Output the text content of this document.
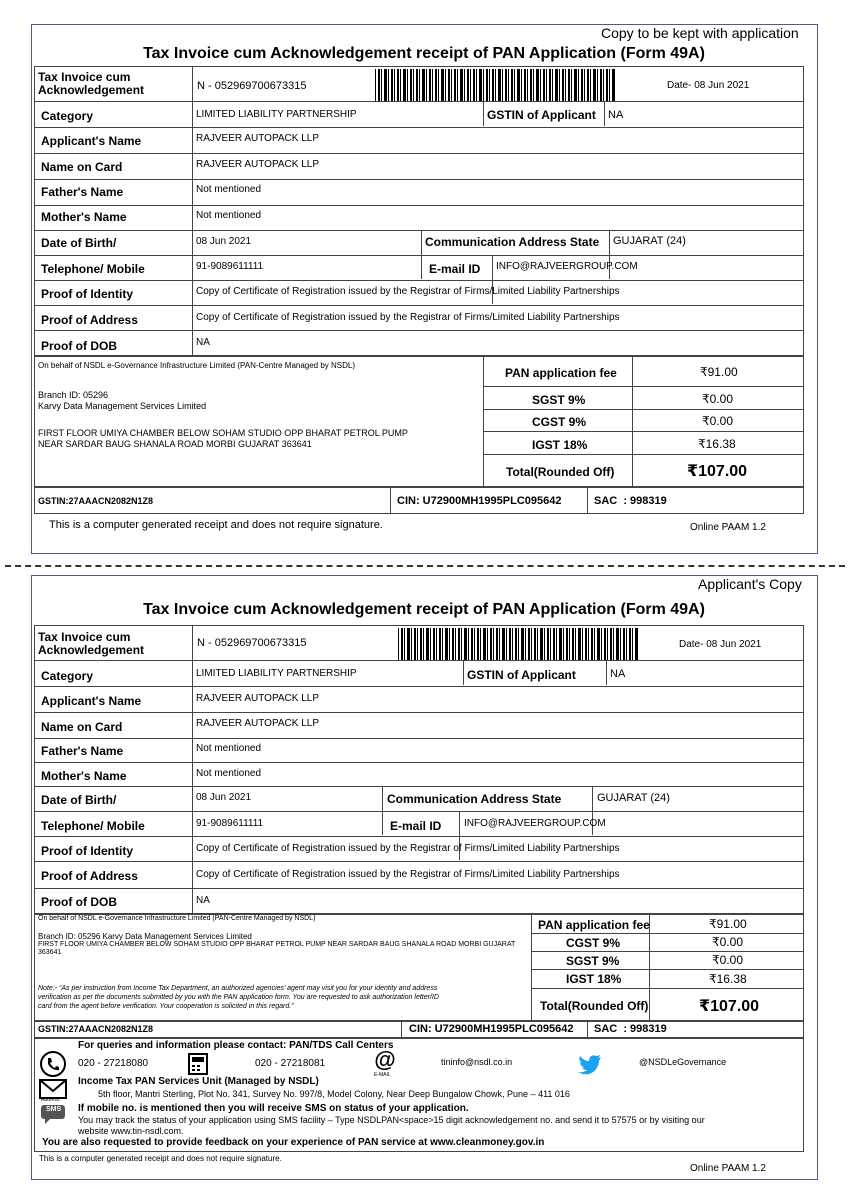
Copy to be kept with application
Tax Invoice cum Acknowledgement receipt of PAN Application (Form 49A)
Tax Invoice cum Acknowledgement	N - 052969700673315	Date- 08 Jun 2021
Category	LIMITED LIABILITY PARTNERSHIP	GSTIN of Applicant NA
Applicant's Name	RAJVEER AUTOPACK LLP
Name on Card	RAJVEER AUTOPACK LLP
Father's Name	Not mentioned
Mother's Name	Not mentioned
Date of Birth/	08 Jun 2021	Communication Address State GUJARAT (24)
Telephone/ Mobile	91-9089611111	E-mail ID INFO@RAJVEERGROUP.COM
Proof of Identity	Copy of Certificate of Registration issued by the Registrar of Firms/Limited Liability Partnerships
Proof of Address	Copy of Certificate of Registration issued by the Registrar of Firms/Limited Liability Partnerships
Proof of DOB	NA
On behalf of NSDL e-Governance Infrastructure Limited (PAN-Centre Managed by NSDL)
Branch ID: 05296
Karvy Data Management Services Limited
FIRST FLOOR UMIYA CHAMBER BELOW SOHAM STUDIO OPP BHARAT PETROL PUMP
NEAR SARDAR BAUG SHANALA ROAD MORBI GUJARAT 363641
PAN application fee	₹91.00
SGST 9%	₹0.00
CGST 9%	₹0.00
IGST 18%	₹16.38
Total(Rounded Off)	₹107.00
GSTIN:27AAACN2082N1Z8	CIN: U72900MH1995PLC095642	SAC  : 998319
This is a computer generated receipt and does not require signature.	Online PAAM 1.2
Applicant's Copy
Tax Invoice cum Acknowledgement receipt of PAN Application (Form 49A)
Tax Invoice cum Acknowledgement	N - 052969700673315	Date- 08 Jun 2021
Category	LIMITED LIABILITY PARTNERSHIP	GSTIN of Applicant	NA
Applicant's Name	RAJVEER AUTOPACK LLP
Name on Card	RAJVEER AUTOPACK LLP
Father's Name	Not mentioned
Mother's Name	Not mentioned
Date of Birth/	08 Jun 2021	Communication Address State	GUJARAT (24)
Telephone/ Mobile	91-9089611111	E-mail ID INFO@RAJVEERGROUP.COM
Proof of Identity	Copy of Certificate of Registration issued by the Registrar of Firms/Limited Liability Partnerships
Proof of Address	Copy of Certificate of Registration issued by the Registrar of Firms/Limited Liability Partnerships
Proof of DOB	NA
On behalf of NSDL e-Governance Infrastructure Limited (PAN-Centre Managed by NSDL)
Branch ID: 05296 Karvy Data Management Services Limited
FIRST FLOOR UMIYA CHAMBER BELOW SOHAM STUDIO OPP BHARAT PETROL PUMP NEAR SARDAR BAUG SHANALA ROAD MORBI GUJARAT
363641
Note:- “As per instruction from Income Tax Department, an authorized agencies’ agent may visit you for your identity and address
verification as per the documents submitted by you with the PAN application form. You are requested to ask authorization letter/ID
card from the agent before verification. Your cooperation is solicited in this regard.”
PAN application fee	₹91.00
CGST 9%	₹0.00
SGST 9%	₹0.00
IGST 18%	₹16.38
Total(Rounded Off)	₹107.00
GSTIN:27AAACN2082N1Z8	CIN: U72900MH1995PLC095642 SAC  : 998319
For queries and information please contact: PAN/TDS Call Centers
020 - 27218080	020 - 27218081 @
E-MAIL
tininfo@nsdl.co.in	@NSDLeGovernance
Income Tax PAN Services Unit (Managed by NSDL)
5th floor, Mantri Sterling, Plot No. 341, Survey No. 997/8, Model Colony, Near Deep Bungalow Chowk, Pune – 411 016
Address
SMS If mobile no. is mentioned then you will receive SMS on status of your application.
You may track the status of your application using SMS facility – Type NSDLPAN<space>15 digit acknowledgement no. and send it to 57575 or by visiting our
website www.tin-nsdl.com.
You are also requested to provide feedback on your experience of PAN service at www.cleanmoney.gov.in
This is a computer generated receipt and does not require signature.
Online PAAM 1.2
